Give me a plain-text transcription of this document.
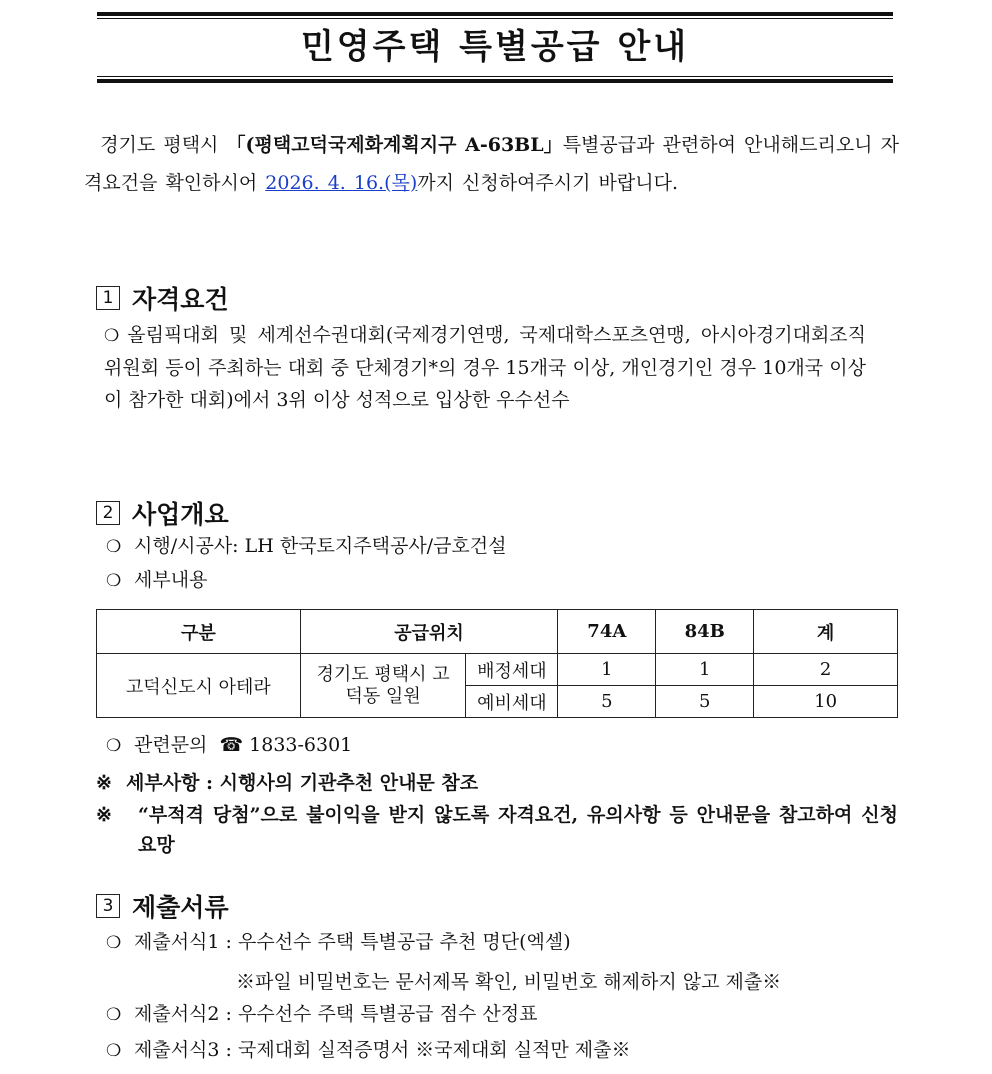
민영주택 특별공급 안내
경기도 평택시 「(평택고덕국제화계획지구 A-63BL」특별공급과 관련하여 안내해드리오니 자격요건을 확인하시어 2026. 4. 16.(목)까지 신청하여주시기 바랍니다.
1 자격요건
❍ 올림픽대회 및 세계선수권대회(국제경기연맹, 국제대학스포츠연맹, 아시아경기대회조직위원회 등이 주최하는 대회 중 단체경기*의 경우 15개국 이상, 개인경기인 경우 10개국 이상이 참가한 대회)에서 3위 이상 성적으로 입상한 우수선수
2 사업개요
❍ 시행/시공사: LH 한국토지주택공사/금호건설
❍ 세부내용
구분	공급위치		74A	84B	계
고덕신도시 아테라	경기도 평택시 고덕동 일원	배정세대	1	1	2
		예비세대	5	5	10
❍ 관련문의 ☎ 1833-6301
※ 세부사항 : 시행사의 기관추천 안내문 참조
※	“부적격 당첨”으로 불이익을 받지 않도록 자격요건, 유의사항 등 안내문을 참고하여 신청 요망
3 제출서류
❍ 제출서식1 : 우수선수 주택 특별공급 추천 명단(엑셀)
※파일 비밀번호는 문서제목 확인, 비밀번호 해제하지 않고 제출※
❍ 제출서식2 : 우수선수 주택 특별공급 점수 산정표
❍ 제출서식3 : 국제대회 실적증명서 ※국제대회 실적만 제출※
